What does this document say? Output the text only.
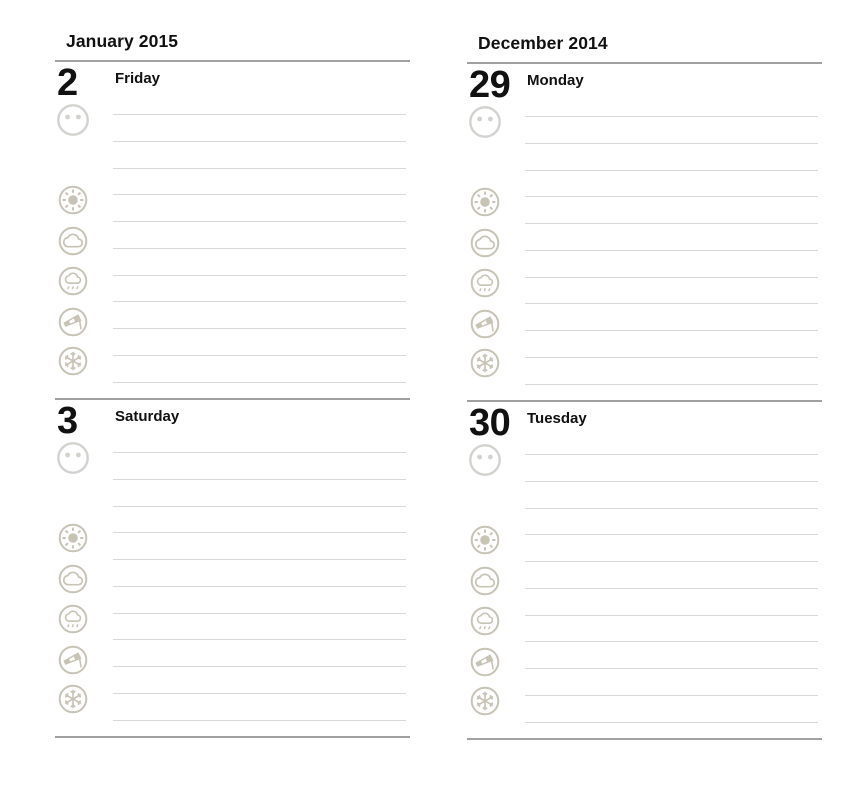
January 2015
2 Friday
3 Saturday
December 2014
29 Monday
30 Tuesday
